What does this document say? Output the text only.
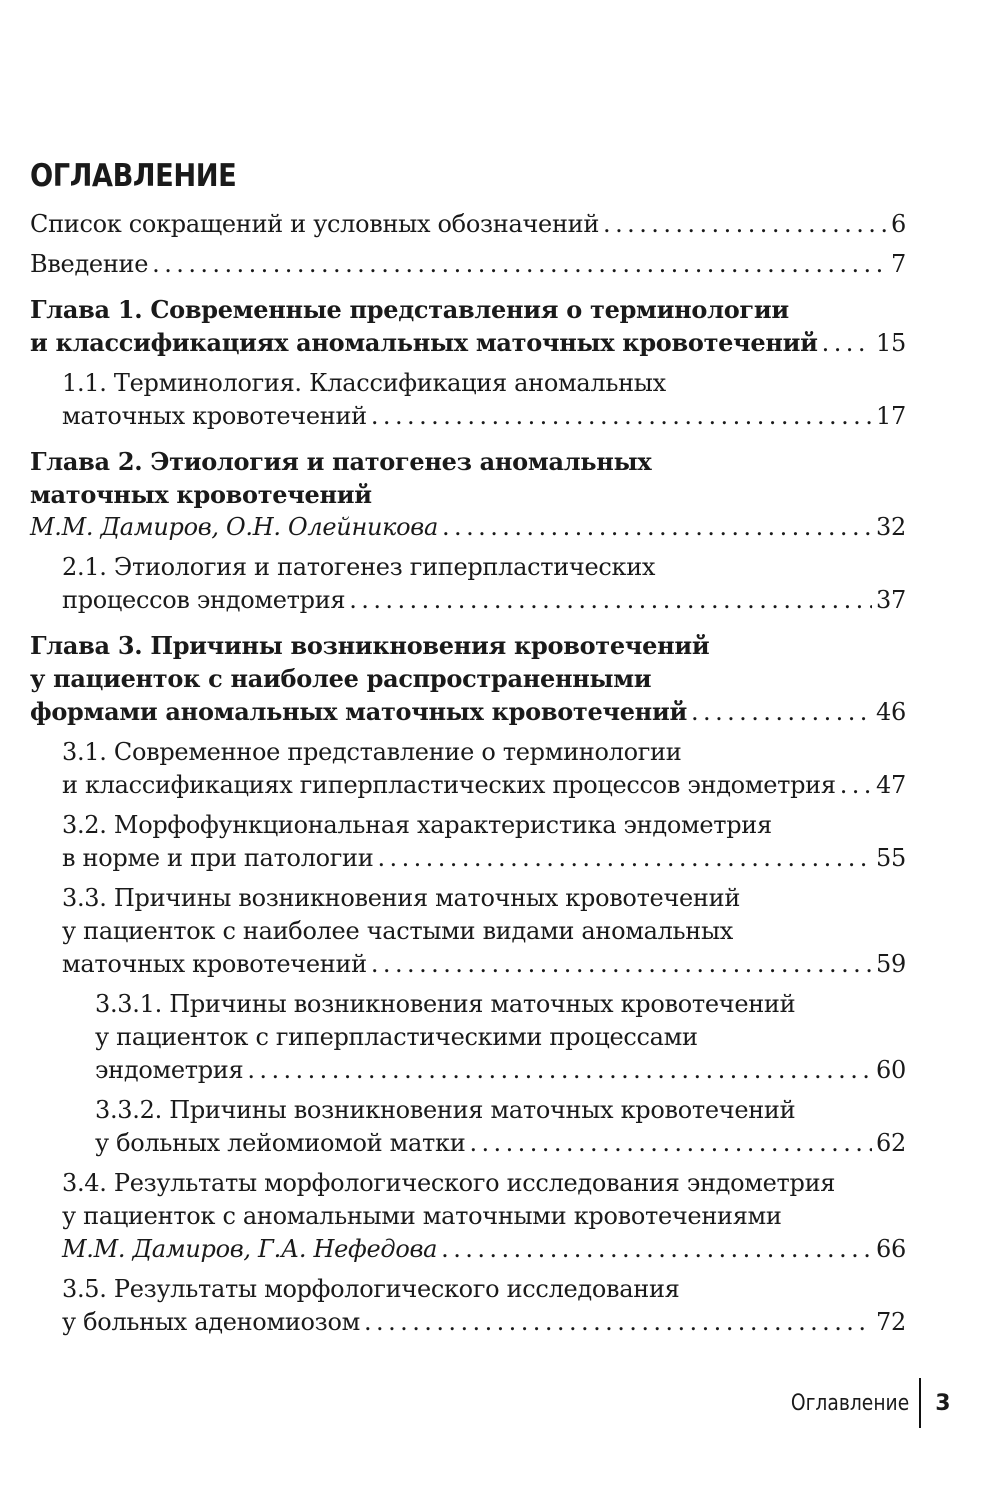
ОГЛАВЛЕНИЕ
Список сокращений и условных обозначений . . .	6
Введение . . .	7
Глава 1. Современные представления о терминологии
и классификациях аномальных маточных кровотечений . . . 15
1.1. Терминология. Классификация аномальных
маточных кровотечений . . .	17
Глава 2. Этиология и патогенез аномальных
маточных кровотечений
М.М. Дамиров, О.Н. Олейникова . . .	32
2.1. Этиология и патогенез гиперпластических
процессов эндометрия . . .	37
Глава 3. Причины возникновения кровотечений
у пациенток с наиболее распространенными
формами аномальных маточных кровотечений . . .	46
3.1. Современное представление о терминологии
и классификациях гиперпластических процессов эндометрия . . . 47
3.2. Морфофункциональная характеристика эндометрия
в норме и при патологии . . .	55
3.3. Причины возникновения маточных кровотечений
у пациенток с наиболее частыми видами аномальных
маточных кровотечений . . .	59
3.3.1. Причины возникновения маточных кровотечений
у пациенток с гиперпластическими процессами
эндометрия . . .	60
3.3.2. Причины возникновения маточных кровотечений
у больных лейомиомой матки . . .	62
3.4. Результаты морфологического исследования эндометрия
у пациенток с аномальными маточными кровотечениями
М.М. Дамиров, Г.А. Нефедова . . .	66
3.5. Результаты морфологического исследования
у больных аденомиозом . . .	72
Оглавление 3
